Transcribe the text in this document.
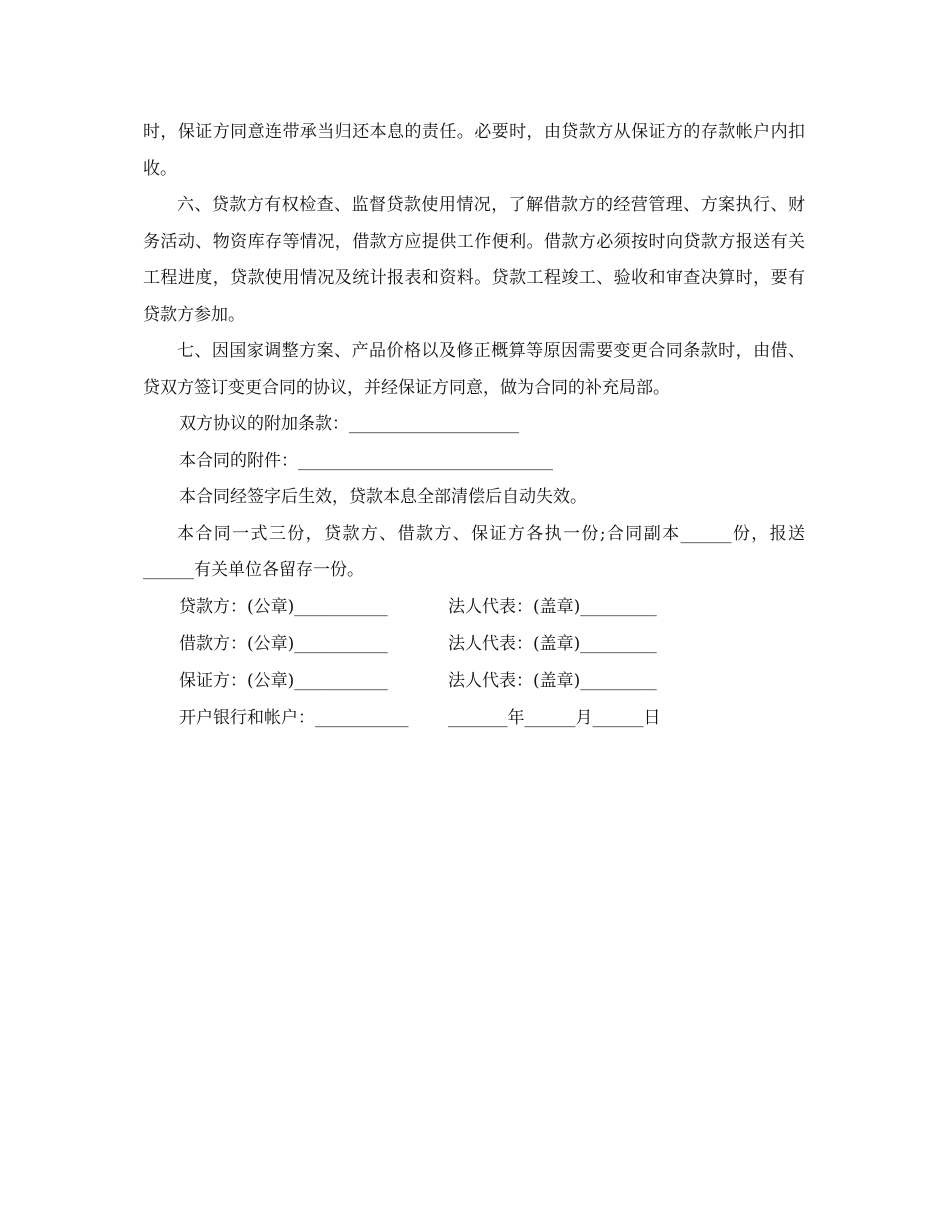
时，保证方同意连带承当归还本息的责任。必要时，由贷款方从保证方的存款帐户内扣收。

六、贷款方有权检查、监督贷款使用情况，了解借款方的经营管理、方案执行、财务活动、物资库存等情况，借款方应提供工作便利。借款方必须按时向贷款方报送有关工程进度，贷款使用情况及统计报表和资料。贷款工程竣工、验收和审查决算时，要有贷款方参加。

七、因国家调整方案、产品价格以及修正概算等原因需要变更合同条款时，由借、贷双方签订变更合同的协议，并经保证方同意，做为合同的补充局部。

双方协议的附加条款：____________________

本合同的附件：______________________________

本合同经签字后生效，贷款本息全部清偿后自动失效。

本合同一式三份，贷款方、借款方、保证方各执一份;合同副本______份，报送______有关单位各留存一份。

贷款方：(公章)___________	法人代表：(盖章)_________
借款方：(公章)___________	法人代表：(盖章)_________
保证方：(公章)___________	法人代表：(盖章)_________
开户银行和帐户：___________ _______年______月______日
